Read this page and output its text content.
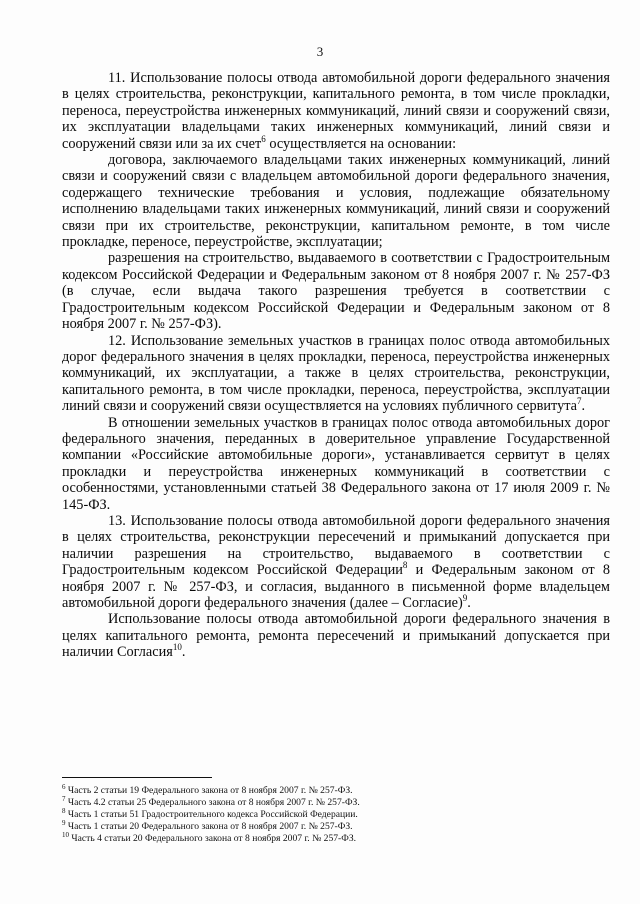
3

11. Использование полосы отвода автомобильной дороги федерального значения в целях строительства, реконструкции, капитального ремонта, в том числе прокладки, переноса, переустройства инженерных коммуникаций, линий связи и сооружений связи, их эксплуатации владельцами таких инженерных коммуникаций, линий связи и сооружений связи или за их счет$^6$ осуществляется на основании:

договора, заключаемого владельцами таких инженерных коммуникаций, линий связи и сооружений связи с владельцем автомобильной дороги федерального значения, содержащего технические требования и условия, подлежащие обязательному исполнению владельцами таких инженерных коммуникаций, линий связи и сооружений связи при их строительстве, реконструкции, капитальном ремонте, в том числе прокладке, переносе, переустройстве, эксплуатации;

разрешения на строительство, выдаваемого в соответствии с Градостроительным кодексом Российской Федерации и Федеральным законом от 8 ноября 2007 г. № 257-ФЗ (в случае, если выдача такого разрешения требуется в соответствии с Градостроительным кодексом Российской Федерации и Федеральным законом от 8 ноября 2007 г. № 257-ФЗ).

12. Использование земельных участков в границах полос отвода автомобильных дорог федерального значения в целях прокладки, переноса, переустройства инженерных коммуникаций, их эксплуатации, а также в целях строительства, реконструкции, капитального ремонта, в том числе прокладки, переноса, переустройства, эксплуатации линий связи и сооружений связи осуществляется на условиях публичного сервитута$^7$.

В отношении земельных участков в границах полос отвода автомобильных дорог федерального значения, переданных в доверительное управление Государственной компании «Российские автомобильные дороги», устанавливается сервитут в целях прокладки и переустройства инженерных коммуникаций в соответствии с особенностями, установленными статьей 38 Федерального закона от 17 июля 2009 г. № 145-ФЗ.

13. Использование полосы отвода автомобильной дороги федерального значения в целях строительства, реконструкции пересечений и примыканий допускается при наличии разрешения на строительство, выдаваемого в соответствии с Градостроительным кодексом Российской Федерации$^8$ и Федеральным законом от 8 ноября 2007 г. № 257-ФЗ, и согласия, выданного в письменной форме владельцем автомобильной дороги федерального значения (далее – Согласие)$^9$.

Использование полосы отвода автомобильной дороги федерального значения в целях капитального ремонта, ремонта пересечений и примыканий допускается при наличии Согласия$^{10}$.

$^6$ Часть 2 статьи 19 Федерального закона от 8 ноября 2007 г. № 257-ФЗ.
$^7$ Часть 4.2 статьи 25 Федерального закона от 8 ноября 2007 г. № 257-ФЗ.
$^8$ Часть 1 статьи 51 Градостроительного кодекса Российской Федерации.
$^9$ Часть 1 статьи 20 Федерального закона от 8 ноября 2007 г. № 257-ФЗ.
$^{10}$ Часть 4 статьи 20 Федерального закона от 8 ноября 2007 г. № 257-ФЗ.
